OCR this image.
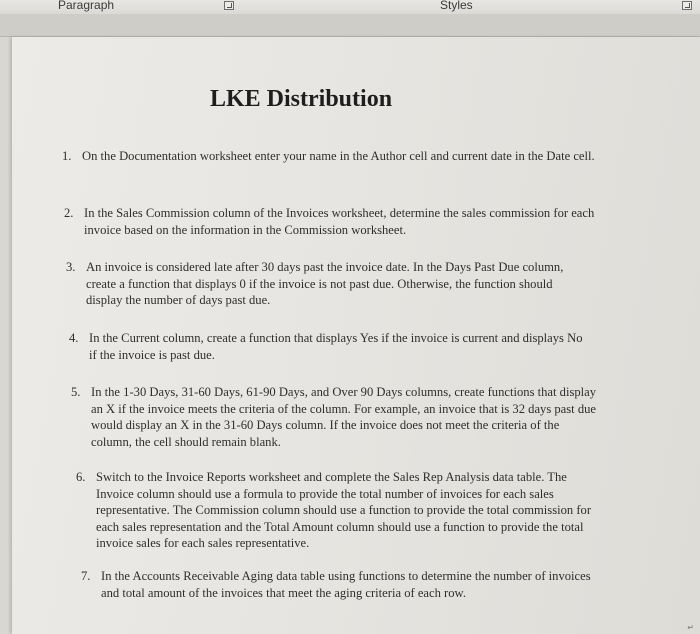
Paragraph	Styles
↵
LKE Distribution
1. On the Documentation worksheet enter your name in the Author cell and current date in the Date cell.
2. In the Sales Commission column of the Invoices worksheet, determine the sales commission for each invoice based on the information in the Commission worksheet.
3. An invoice is considered late after 30 days past the invoice date. In the Days Past Due column, create a function that displays 0 if the invoice is not past due. Otherwise, the function should display the number of days past due.
4. In the Current column, create a function that displays Yes if the invoice is current and displays No if the invoice is past due.
5. In the 1-30 Days, 31-60 Days, 61-90 Days, and Over 90 Days columns, create functions that display an X if the invoice meets the criteria of the column. For example, an invoice that is 32 days past due would display an X in the 31-60 Days column. If the invoice does not meet the criteria of the column, the cell should remain blank.
6. Switch to the Invoice Reports worksheet and complete the Sales Rep Analysis data table. The Invoice column should use a formula to provide the total number of invoices for each sales representative. The Commission column should use a function to provide the total commission for each sales representation and the Total Amount column should use a function to provide the total invoice sales for each sales representative.
7. In the Accounts Receivable Aging data table using functions to determine the number of invoices and total amount of the invoices that meet the aging criteria of each row.
